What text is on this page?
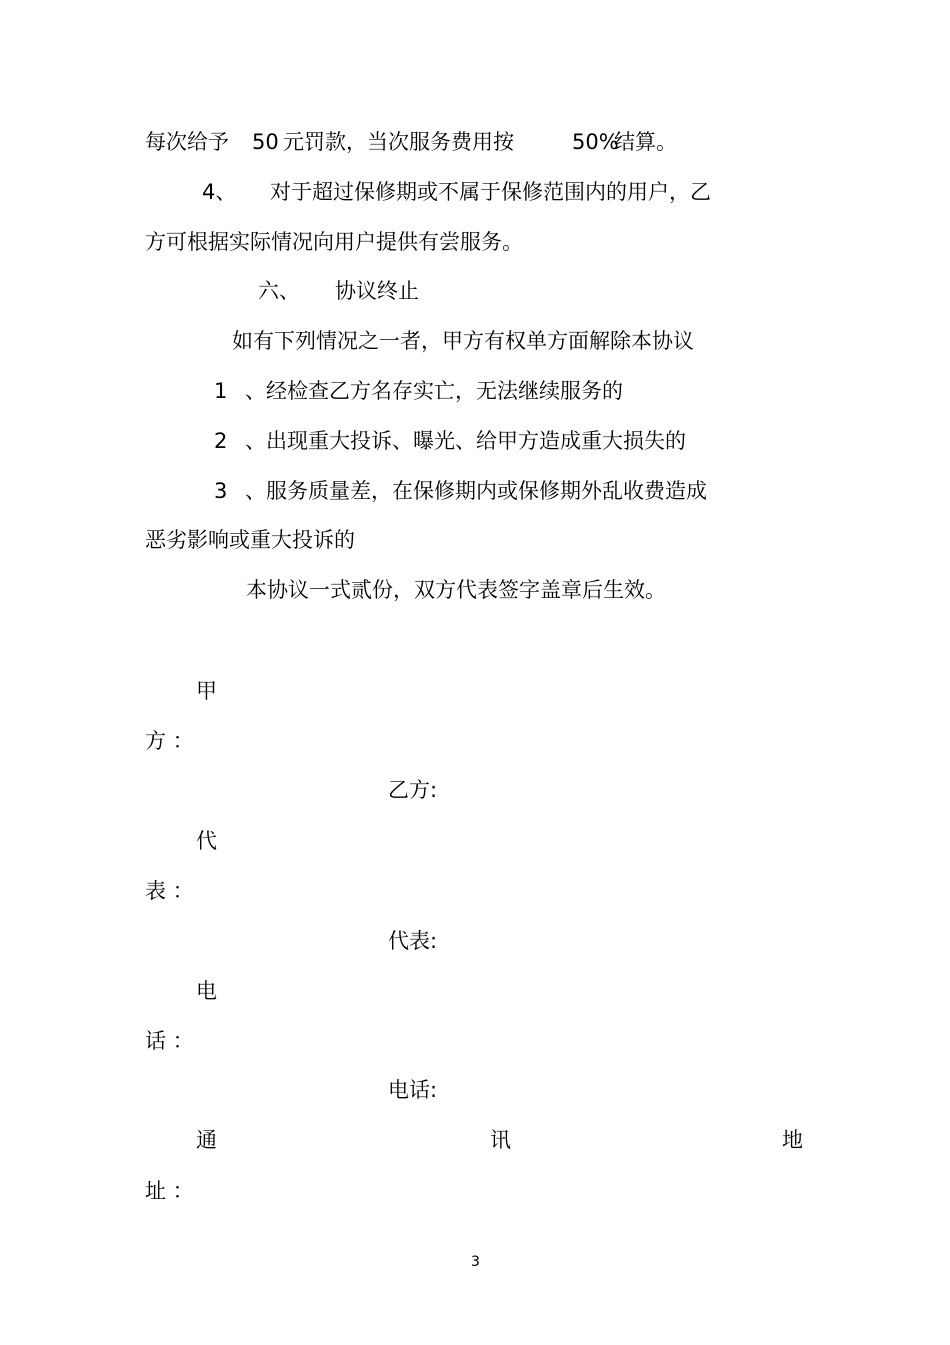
每次给予 50 元罚款，当次服务费用按	50%
结算。
4、 对于超过保修期或不属于保修范围内的用户，乙
方可根据实际情况向用户提供有尝服务。
六、 协议终止
如有下列情况之一者，甲方有权单方面解除本协议
1 、经检查乙方名存实亡，无法继续服务的
2 、出现重大投诉、曝光、给甲方造成重大损失的
3 、服务质量差，在保修期内或保修期外乱收费造成
恶劣影响或重大投诉的
本协议一式贰份，双方代表签字盖章后生效。
甲
方 ：
乙方:
代
表 ：
代表:
电
话 ：
电话:
通	讯	地
址 ：
3
